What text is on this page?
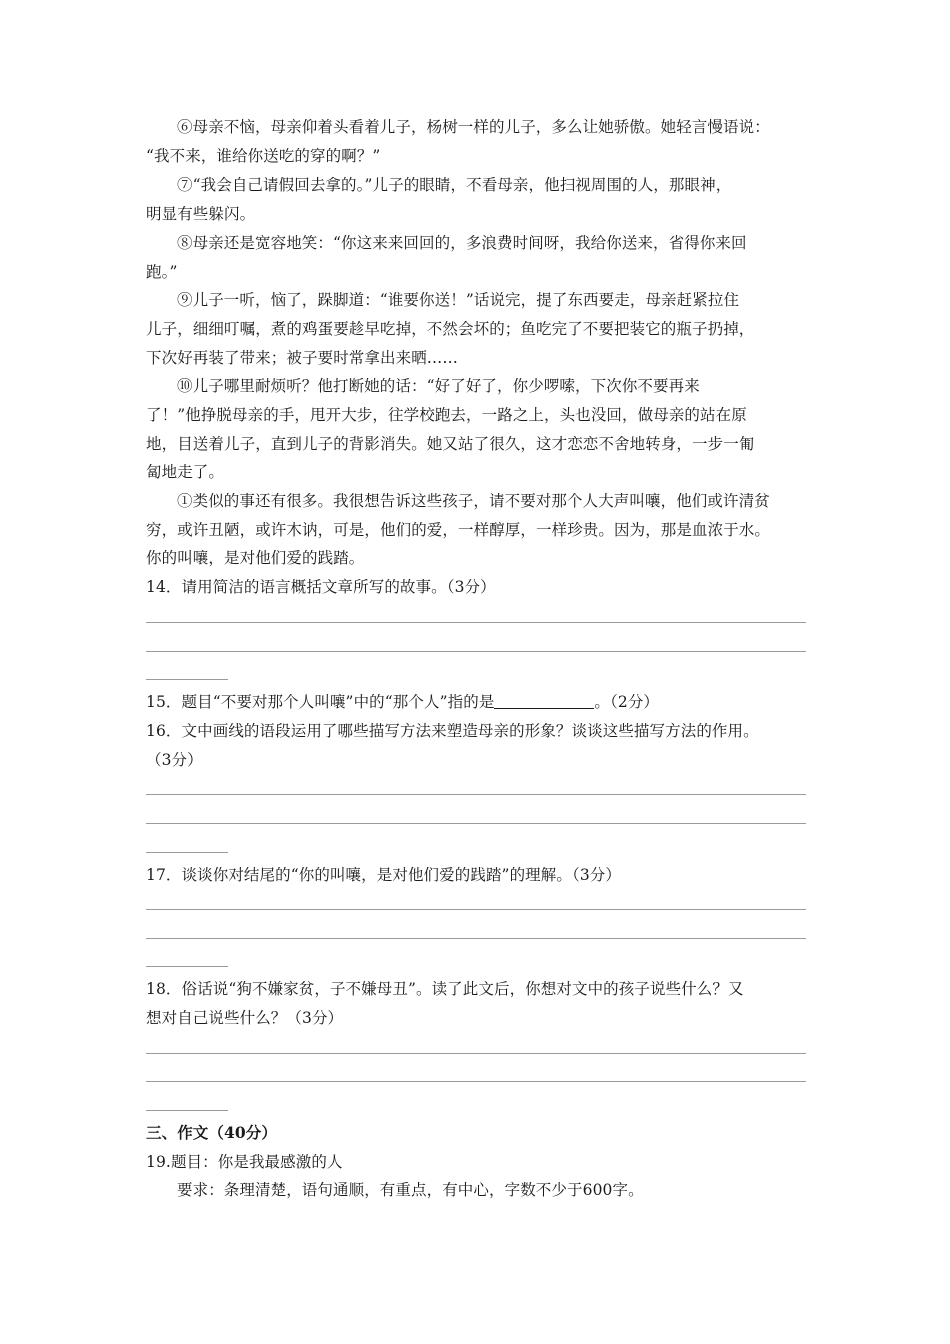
⑥母亲不恼，母亲仰着头看着儿子，杨树一样的儿子，多么让她骄傲。她轻言慢语说：
“我不来，谁给你送吃的穿的啊？”
⑦“我会自己请假回去拿的。”儿子的眼睛，不看母亲，他扫视周围的人，那眼神，
明显有些躲闪。
⑧母亲还是宽容地笑：“你这来来回回的，多浪费时间呀，我给你送来，省得你来回
跑。”
⑨儿子一听，恼了，跺脚道：“谁要你送！”话说完，提了东西要走，母亲赶紧拉住
儿子，细细叮嘱，煮的鸡蛋要趁早吃掉，不然会坏的；鱼吃完了不要把装它的瓶子扔掉，
下次好再装了带来；被子要时常拿出来晒……
⑩儿子哪里耐烦听？他打断她的话：“好了好了，你少啰嗦，下次你不要再来
了！”他挣脱母亲的手，甩开大步，往学校跑去，一路之上，头也没回，做母亲的站在原
地，目送着儿子，直到儿子的背影消失。她又站了很久，这才恋恋不舍地转身，一步一匍
匐地走了。
①类似的事还有很多。我很想告诉这些孩子，请不要对那个人大声叫嚷，他们或许清贫
穷，或许丑陋，或许木讷，可是，他们的爱，一样醇厚，一样珍贵。因为，那是血浓于水。
你的叫嚷，是对他们爱的践踏。
14．请用简洁的语言概括文章所写的故事。（3分）
15．题目“不要对那个人叫嚷”中的“那个人”指的是	。（2分）
16．文中画线的语段运用了哪些描写方法来塑造母亲的形象？谈谈这些描写方法的作用。
（3分）
17．谈谈你对结尾的“你的叫嚷，是对他们爱的践踏”的理解。（3分）
18．俗话说“狗不嫌家贫，子不嫌母丑”。读了此文后，你想对文中的孩子说些什么？又
想对自己说些什么？（3分）
三、作文（40分）
19.题目：你是我最感激的人
要求：条理清楚，语句通顺，有重点，有中心，字数不少于600字。
